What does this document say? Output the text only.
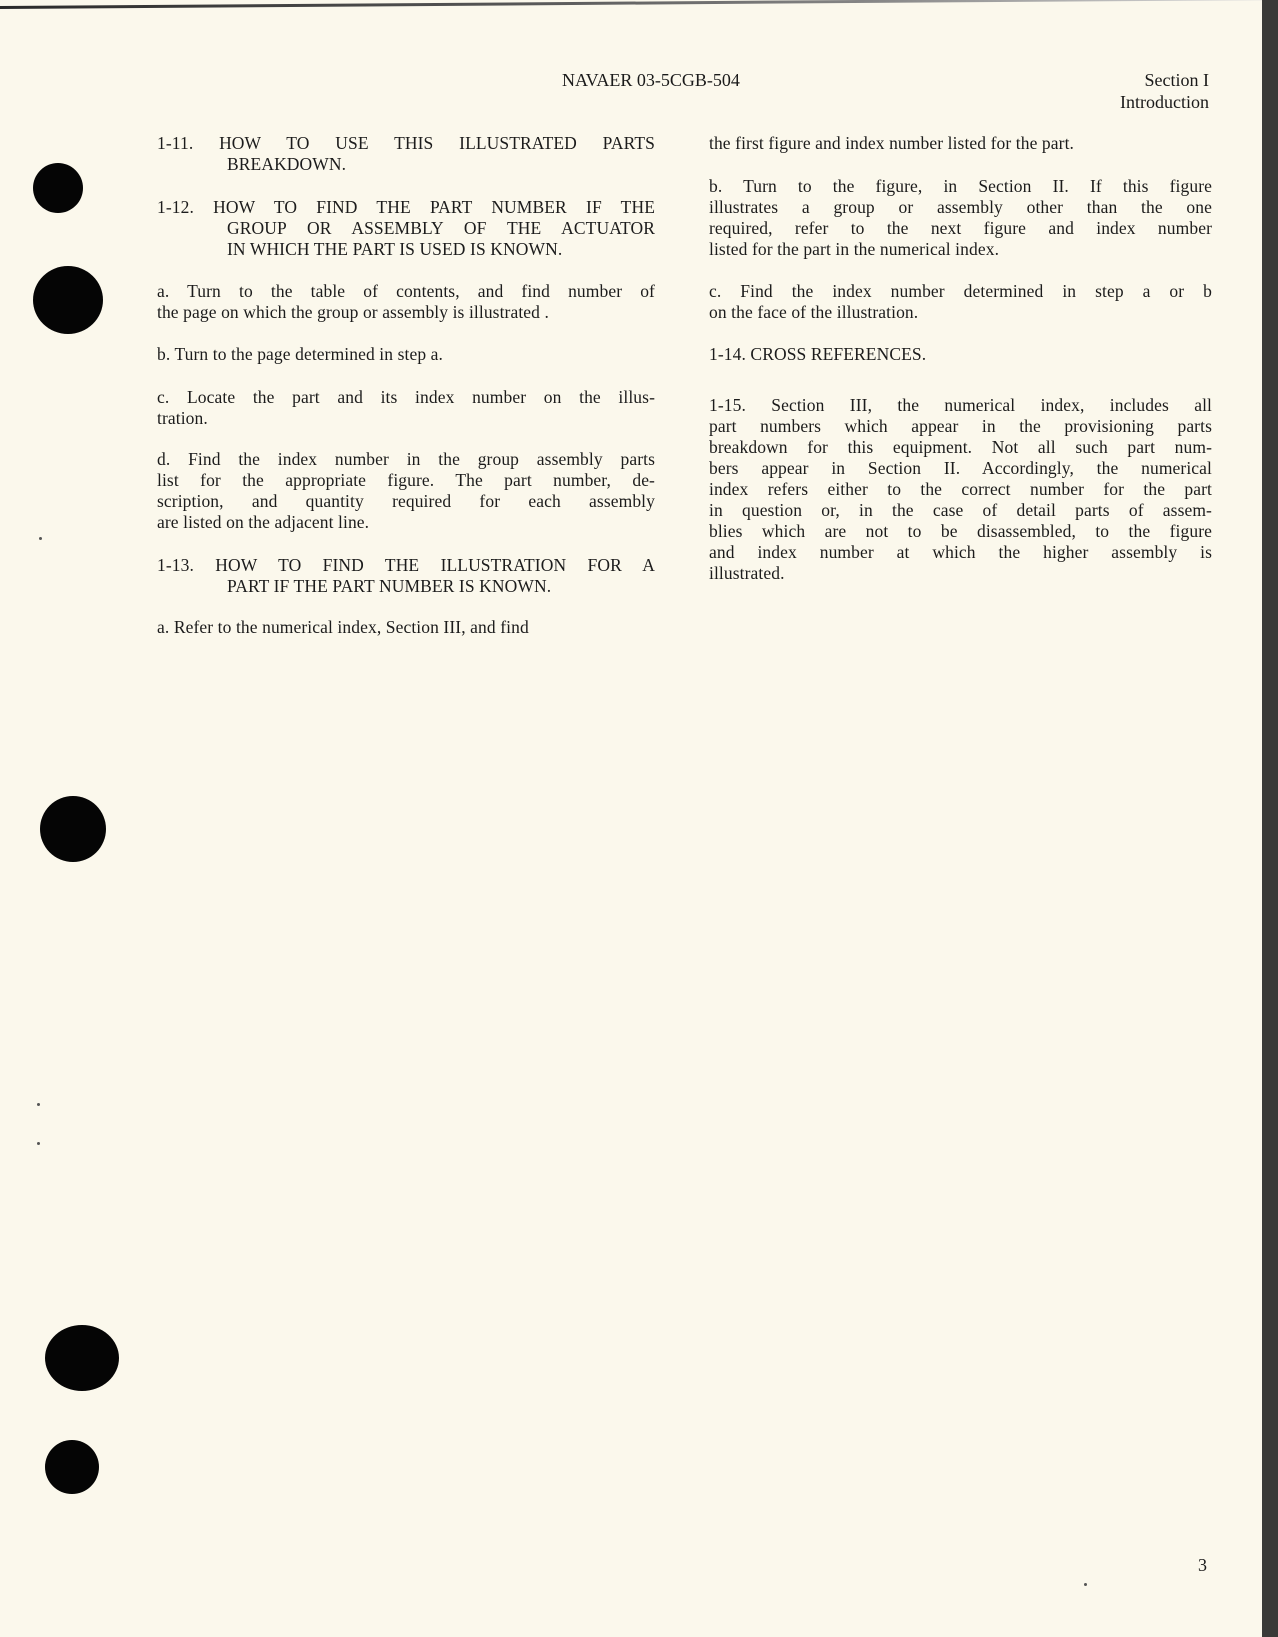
NAVAER 03-5CGB-504	Section I
Introduction
1-11. HOW TO USE THIS ILLUSTRATED PARTS
BREAKDOWN.
1-12. HOW TO FIND THE PART NUMBER IF THE
GROUP OR ASSEMBLY OF THE ACTUATOR
IN WHICH THE PART IS USED IS KNOWN.
a. Turn to the table of contents, and find number of
the page on which the group or assembly is illustrated .
b. Turn to the page determined in step a.
c. Locate the part and its index number on the illus-
tration.
d. Find the index number in the group assembly parts
list for the appropriate figure. The part number, de-
scription, and quantity required for each assembly
are listed on the adjacent line.
1-13. HOW TO FIND THE ILLUSTRATION FOR A
PART IF THE PART NUMBER IS KNOWN.
a. Refer to the numerical index, Section III, and find
the first figure and index number listed for the part.
b. Turn to the figure, in Section II. If this figure
illustrates a group or assembly other than the one
required, refer to the next figure and index number
listed for the part in the numerical index.
c. Find the index number determined in step a or b
on the face of the illustration.
1-14. CROSS REFERENCES.
1-15. Section III, the numerical index, includes all
part numbers which appear in the provisioning parts
breakdown for this equipment. Not all such part num-
bers appear in Section II. Accordingly, the numerical
index refers either to the correct number for the part
in question or, in the case of detail parts of assem-
blies which are not to be disassembled, to the figure
and index number at which the higher assembly is
illustrated.
3
